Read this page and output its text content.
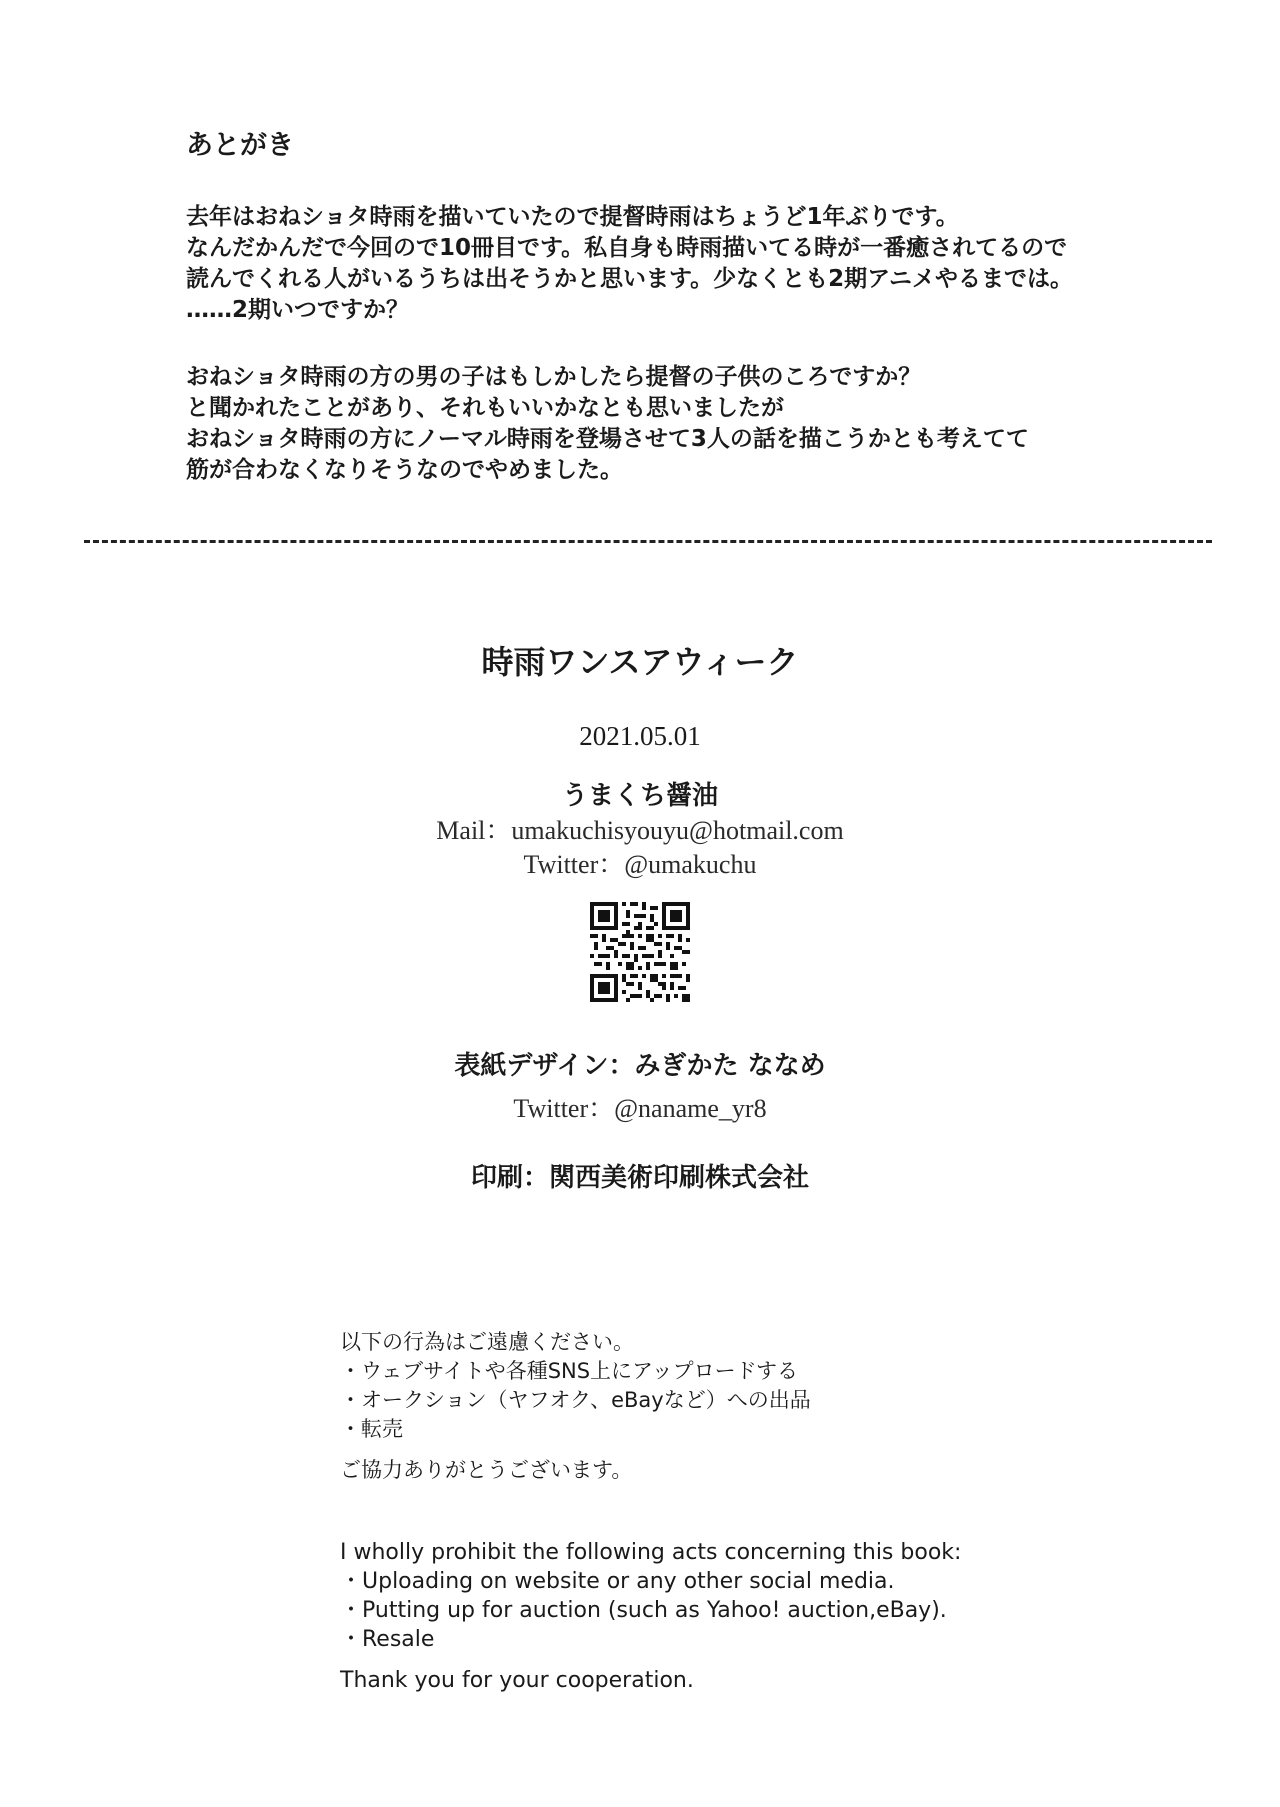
あとがき
去年はおねショタ時雨を描いていたので提督時雨はちょうど1年ぶりです。
なんだかんだで今回ので10冊目です。私自身も時雨描いてる時が一番癒されてるので
読んでくれる人がいるうちは出そうかと思います。少なくとも2期アニメやるまでは。
……2期いつですか？
おねショタ時雨の方の男の子はもしかしたら提督の子供のころですか？
と聞かれたことがあり、それもいいかなとも思いましたが
おねショタ時雨の方にノーマル時雨を登場させて3人の話を描こうかとも考えてて
筋が合わなくなりそうなのでやめました。
時雨ワンスアウィーク
2021.05.01
うまくち醤油
Mail：umakuchisyouyu@hotmail.com
Twitter：@umakuchu
表紙デザイン：みぎかた ななめ
Twitter：@naname_yr8
印刷：関西美術印刷株式会社
以下の行為はご遠慮ください。
・ウェブサイトや各種SNS上にアップロードする
・オークション（ヤフオク、eBayなど）への出品
・転売
ご協力ありがとうございます。
I wholly prohibit the following acts concerning this book:
・Uploading on website or any other social media.
・Putting up for auction (such as Yahoo! auction,eBay).
・Resale
Thank you for your cooperation.
